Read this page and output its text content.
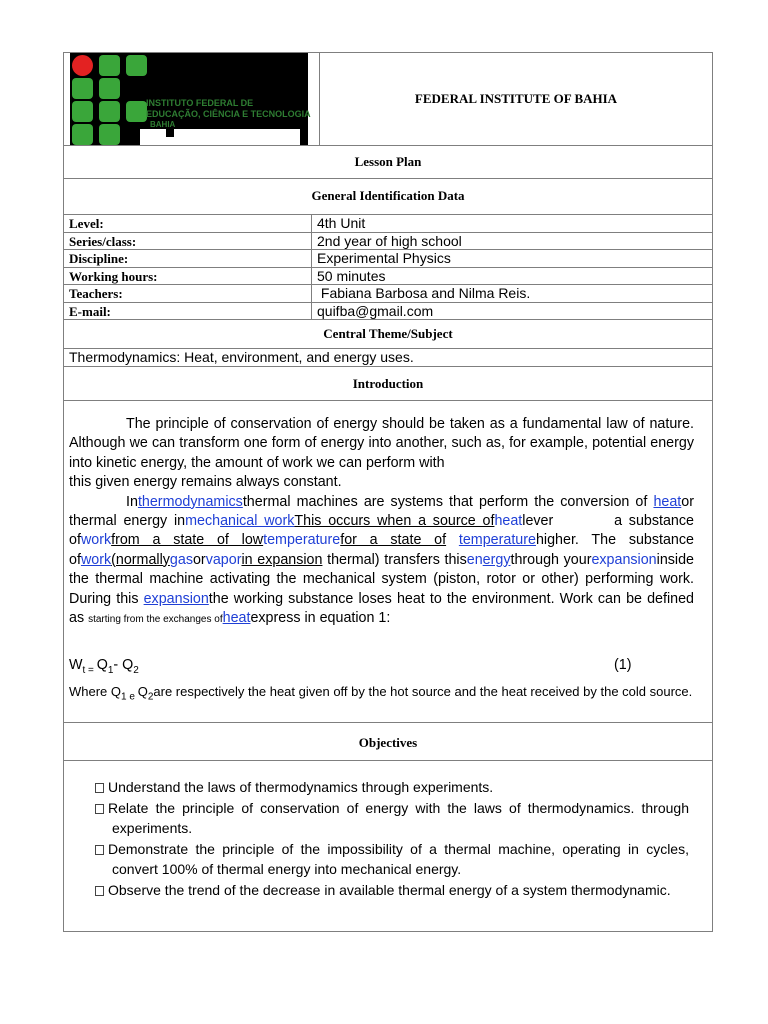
INSTITUTO FEDERAL DE
EDUCAÇÃO, CIÊNCIA E TECNOLOGIA
BAHIA
FEDERAL INSTITUTE OF BAHIA
Lesson Plan
General Identification Data
Level:	4th Unit
Series/class:	2nd year of high school
Discipline:	Experimental Physics
Working hours:	50 minutes
Teachers:	Fabiana Barbosa and Nilma Reis.
E-mail:	quifba@gmail.com
Central Theme/Subject
Thermodynamics: Heat, environment, and energy uses.
Introduction
The principle of conservation of energy should be taken as a fundamental law of nature. Although we can transform one form of energy into another, such as, for example, potential energy into kinetic energy, the amount of work we can perform with
this given energy remains always constant.
Inthermodynamicsthermal machines are systems that perform the conversion of heator thermal energy inmechanical workThis occurs when a source ofheatlever	a substance ofworkfrom a state of lowtemperaturefor a state of temperaturehigher. The substance ofwork(normallygasorvaporin expansion thermal) transfers thisenergythrough yourexpansioninside the thermal machine activating the mechanical system (piston, rotor or other) performing work. During this expansionthe working substance loses heat to the environment. Work can be defined as starting from the exchanges ofheatexpress in equation 1:
$W_{t =}$ $Q_1-$ $Q_2$	(1)
Where $Q_{1 e}$ $Q_2are$ respectively the heat given off by the hot source and the heat received by the cold source.
Objectives
Understand the laws of thermodynamics through experiments.
Relate the principle of conservation of energy with the laws of thermodynamics. through experiments.
Demonstrate the principle of the impossibility of a thermal machine, operating in cycles, convert 100% of thermal energy into mechanical energy.
Observe the trend of the decrease in available thermal energy of a system thermodynamic.
